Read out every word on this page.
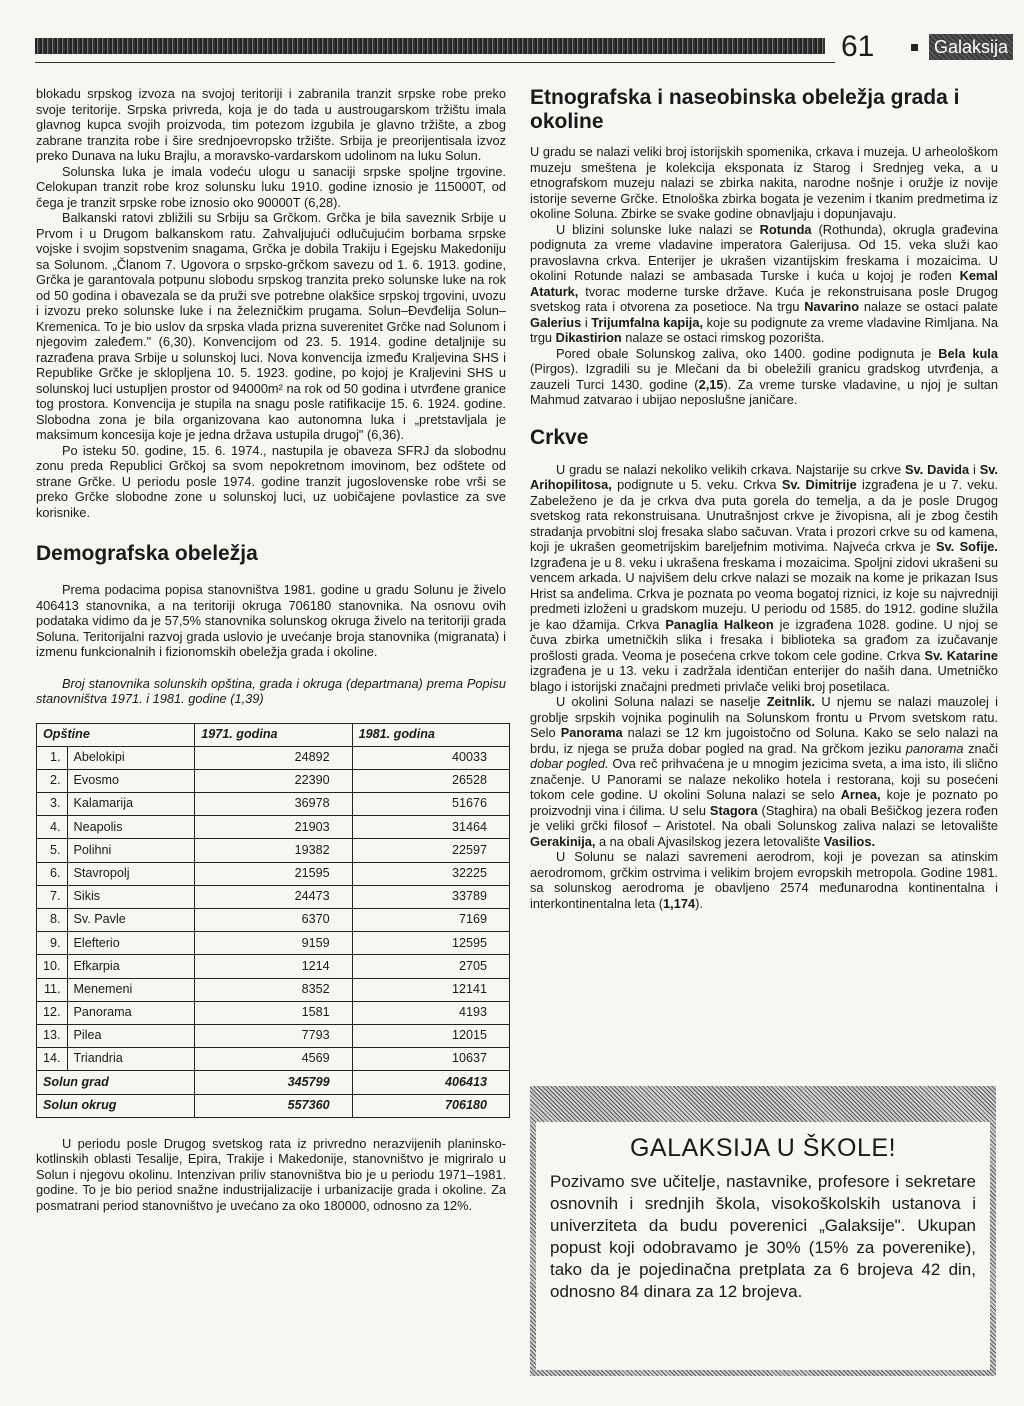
61	Galaksija

blokadu srpskog izvoza na svojoj teritoriji i zabranila tranzit srpske robe preko svoje teritorije. Srpska privreda, koja je do tada u austrougarskom tržištu imala glavnog kupca svojih proizvoda, tim potezom izgubila je glavno tržište, a zbog zabrane tranzita robe i šire srednjoevropsko tržište. Srbija je preorijentisala izvoz preko Dunava na luku Brajlu, a moravsko-vardarskom udolinom na luku Solun.

Solunska luka je imala vodeću ulogu u sanaciji srpske spoljne trgovine. Celokupan tranzit robe kroz solunsku luku 1910. godine iznosio je 115000T, od čega je tranzit srpske robe iznosio oko 90000T (6,28).

Balkanski ratovi zbližili su Srbiju sa Grčkom. Grčka je bila saveznik Srbije u Prvom i u Drugom balkanskom ratu. Zahvaljujući odlučujućim borbama srpske vojske i svojim sopstvenim snagama, Grčka je dobila Trakiju i Egejsku Makedoniju sa Solunom. „Članom 7. Ugovora o srpsko-grčkom savezu od 1. 6. 1913. godine, Grčka je garantovala potpunu slobodu srpskog tranzita preko solunske luke na rok od 50 godina i obavezala se da pruži sve potrebne olakšice srpskoj trgovini, uvozu i izvozu preko solunske luke i na železničkim prugama. Solun–Đevđelija Solun–Kremenica. To je bio uslov da srpska vlada prizna suverenitet Grčke nad Solunom i njegovim zaleđem." (6,30). Konvencijom od 23. 5. 1914. godine detaljnije su razrađena prava Srbije u solunskoj luci. Nova konvencija između Kraljevina SHS i Republike Grčke je sklopljena 10. 5. 1923. godine, po kojoj je Kraljevini SHS u solunskoj luci ustupljen prostor od 94000m² na rok od 50 godina i utvrđene granice tog prostora. Konvencija je stupila na snagu posle ratifikacije 15. 6. 1924. godine. Slobodna zona je bila organizovana kao autonomna luka i „pretstavljala je maksimum koncesija koje je jedna država ustupila drugoj" (6,36).

Po isteku 50. godine, 15. 6. 1974., nastupila je obaveza SFRJ da slobodnu zonu preda Republici Grčkoj sa svom nepokretnom imovinom, bez odštete od strane Grčke. U periodu posle 1974. godine tranzit jugoslovenske robe vrši se preko Grčke slobodne zone u solunskoj luci, uz uobičajene povlastice za sve korisnike.

Demografska obeležja

Prema podacima popisa stanovništva 1981. godine u gradu Solunu je živelo 406413 stanovnika, a na teritoriji okruga 706180 stanovnika. Na osnovu ovih podataka vidimo da je 57,5% stanovnika solunskog okruga živelo na teritoriji grada Soluna. Teritorijalni razvoj grada uslovio je uvećanje broja stanovnika (migranata) i izmenu funkcionalnih i fizionomskih obeležja grada i okoline.

Broj stanovnika solunskih opština, grada i okruga (departmana) prema Popisu stanovništva 1971. i 1981. godine (1,39)

Opštine		1971. godina	1981. godina
1.	Abelokipi	24892	40033
2.	Evosmo	22390	26528
3.	Kalamarija	36978	51676
4.	Neapolis	21903	31464
5.	Polihni	19382	22597
6.	Stavropolj	21595	32225
7.	Sikis	24473	33789
8.	Sv. Pavle	6370	7169
9.	Elefterio	9159	12595
10.	Efkarpia	1214	2705
11.	Menemeni	8352	12141
12.	Panorama	1581	4193
13.	Pilea	7793	12015
14.	Triandria	4569	10637
Solun grad		345799	406413
Solun okrug		557360	706180

U periodu posle Drugog svetskog rata iz privredno nerazvijenih planinsko-kotlinskih oblasti Tesalije, Epira, Trakije i Makedonije, stanovništvo je migriralo u Solun i njegovu okolinu. Intenzivan priliv stanovništva bio je u periodu 1971–1981. godine. To je bio period snažne industrijalizacije i urbanizacije grada i okoline. Za posmatrani period stanovništvo je uvećano za oko 180000, odnosno za 12%.

Etnografska i naseobinska obeležja grada i okoline

U gradu se nalazi veliki broj istorijskih spomenika, crkava i muzeja. U arheološkom muzeju smeštena je kolekcija eksponata iz Starog i Srednjeg veka, a u etnografskom muzeju nalazi se zbirka nakita, narodne nošnje i oružje iz novije istorije severne Grčke. Etnološka zbirka bogata je vezenim i tkanim predmetima iz okoline Soluna. Zbirke se svake godine obnavljaju i dopunjavaju.

U blizini solunske luke nalazi se Rotunda (Rothunda), okrugla građevina podignuta za vreme vladavine imperatora Galerijusa. Od 15. veka služi kao pravoslavna crkva. Enterijer je ukrašen vizantijskim freskama i mozaicima. U okolini Rotunde nalazi se ambasada Turske i kuća u kojoj je rođen Kemal Ataturk, tvorac moderne turske države. Kuća je rekonstruisana posle Drugog svetskog rata i otvorena za posetioce. Na trgu Navarino nalaze se ostaci palate Galerius i Trijumfalna kapija, koje su podignute za vreme vladavine Rimljana. Na trgu Dikastirion nalaze se ostaci rimskog pozorišta.

Pored obale Solunskog zaliva, oko 1400. godine podignuta je Bela kula (Pirgos). Izgradili su je Mlečani da bi obeležili granicu gradskog utvrđenja, a zauzeli Turci 1430. godine (2,15). Za vreme turske vladavine, u njoj je sultan Mahmud zatvarao i ubijao neposlušne janičare.

Crkve

U gradu se nalazi nekoliko velikih crkava. Najstarije su crkve Sv. Davida i Sv. Arihopilitosa, podignute u 5. veku. Crkva Sv. Dimitrije izgrađena je u 7. veku. Zabeleženo je da je crkva dva puta gorela do temelja, a da je posle Drugog svetskog rata rekonstruisana. Unutrašnjost crkve je živopisna, ali je zbog čestih stradanja prvobitni sloj fresaka slabo sačuvan. Vrata i prozori crkve su od kamena, koji je ukrašen geometrijskim bareljefnim motivima. Najveća crkva je Sv. Sofije. Izgrađena je u 8. veku i ukrašena freskama i mozaicima. Spoljni zidovi ukrašeni su vencem arkada. U najvišem delu crkve nalazi se mozaik na kome je prikazan Isus Hrist sa anđelima. Crkva je poznata po veoma bogatoj riznici, iz koje su najvredniji predmeti izloženi u gradskom muzeju. U periodu od 1585. do 1912. godine služila je kao džamija. Crkva Panaglia Halkeon je izgrađena 1028. godine. U njoj se čuva zbirka umetničkih slika i fresaka i biblioteka sa građom za izučavanje prošlosti grada. Veoma je posećena crkve tokom cele godine. Crkva Sv. Katarine izgrađena je u 13. veku i zadržala identičan enterijer do naših dana. Umetničko blago i istorijski značajni predmeti privlače veliki broj posetilaca.

U okolini Soluna nalazi se naselje Zeitnlik. U njemu se nalazi mauzolej i groblje srpskih vojnika poginulih na Solunskom frontu u Prvom svetskom ratu. Selo Panorama nalazi se 12 km jugoistočno od Soluna. Kako se selo nalazi na brdu, iz njega se pruža dobar pogled na grad. Na grčkom jeziku panorama znači dobar pogled. Ova reč prihvaćena je u mnogim jezicima sveta, a ima isto, ili slično značenje. U Panorami se nalaze nekoliko hotela i restorana, koji su posećeni tokom cele godine. U okolini Soluna nalazi se selo Arnea, koje je poznato po proizvodnji vina i ćilima. U selu Stagora (Staghira) na obali Bešičkog jezera rođen je veliki grčki filosof – Aristotel. Na obali Solunskog zaliva nalazi se letovalište Gerakinija, a na obali Ajvasilskog jezera letovalište Vasilios.

U Solunu se nalazi savremeni aerodrom, koji je povezan sa atinskim aerodromom, grčkim ostrvima i velikim brojem evropskih metropola. Godine 1981. sa solunskog aerodroma je obavljeno 2574 međunarodna kontinentalna i interkontinentalna leta (1,174).

GALAKSIJA U ŠKOLE!
Pozivamo sve učitelje, nastavnike, profesore i sekretare osnovnih i srednjih škola, visokoškolskih ustanova i univerziteta da budu poverenici „Galaksije". Ukupan popust koji odobravamo je 30% (15% za poverenike), tako da je pojedinačna pretplata za 6 brojeva 42 din, odnosno 84 dinara za 12 brojeva.
